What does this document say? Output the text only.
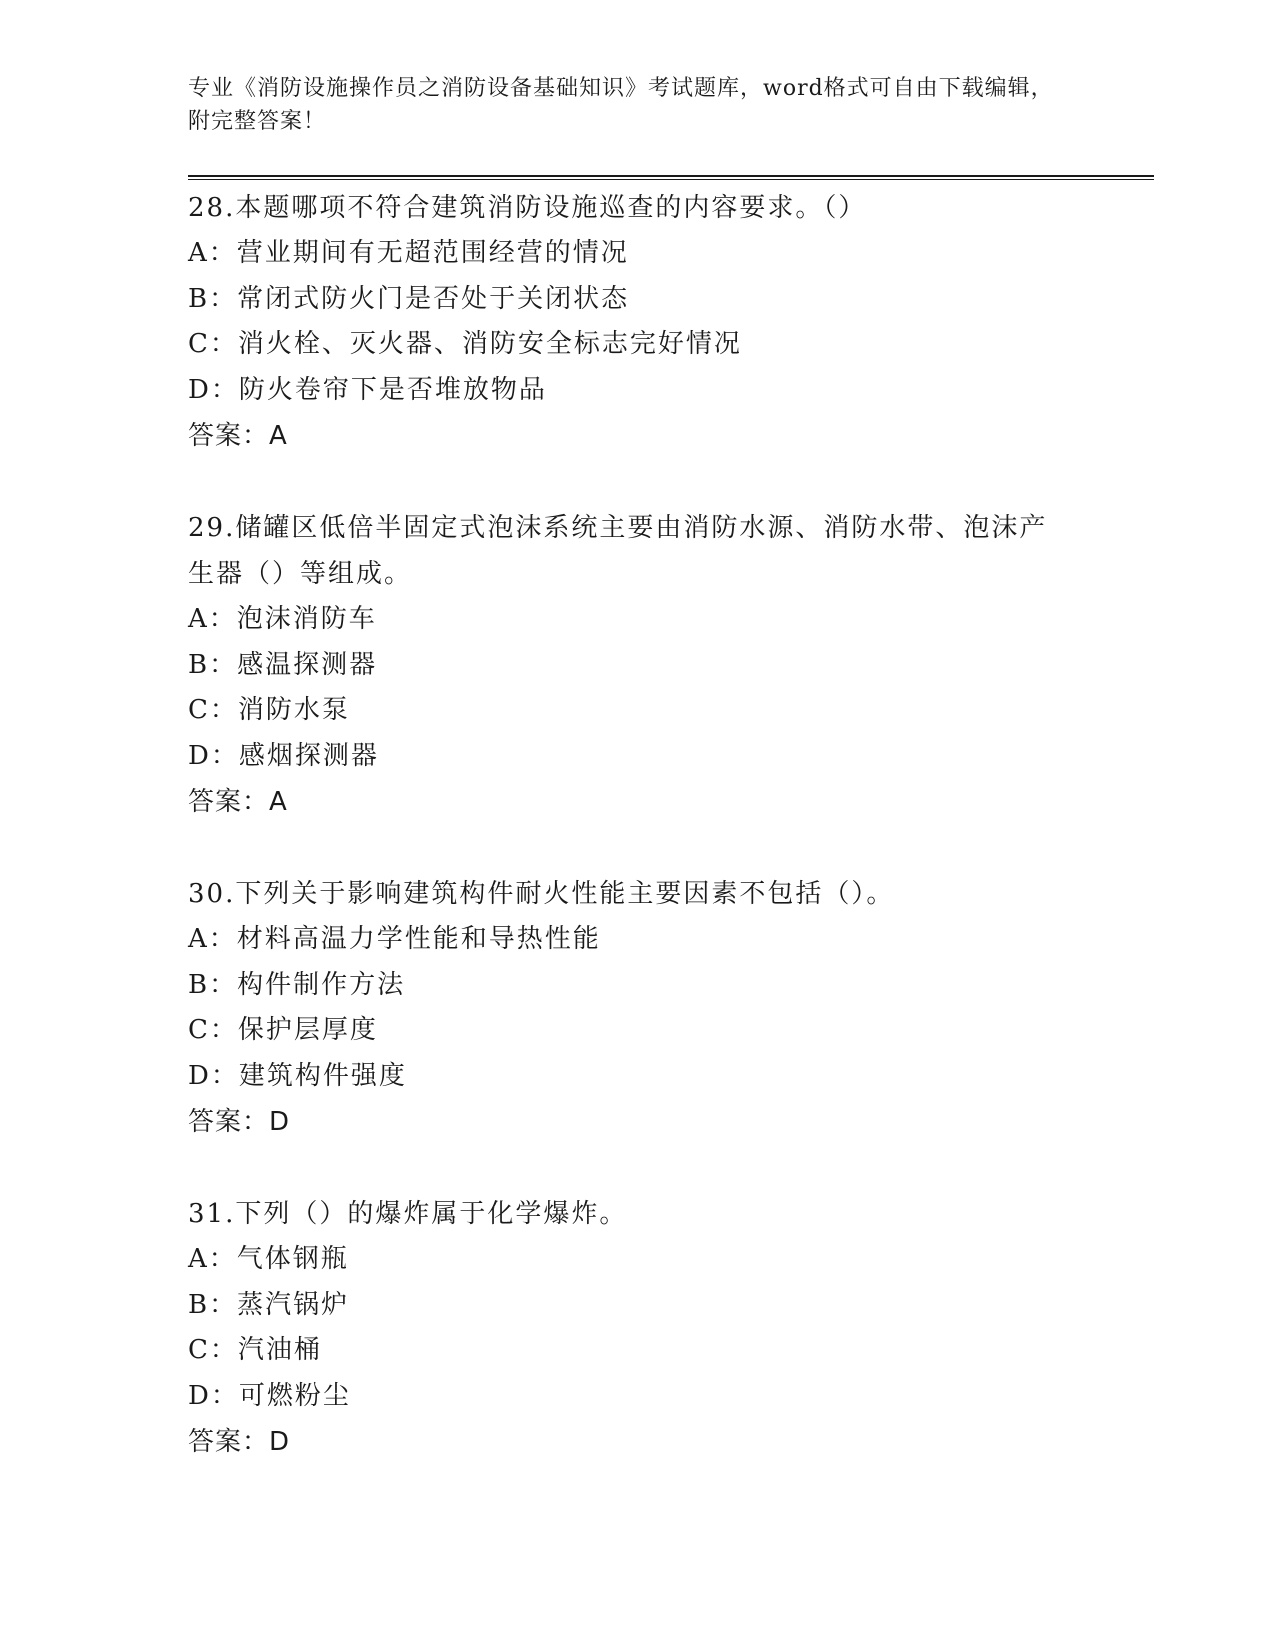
专业《消防设施操作员之消防设备基础知识》考试题库，word格式可自由下载编辑，附完整答案！
28.本题哪项不符合建筑消防设施巡查的内容要求。（）
A：营业期间有无超范围经营的情况
B：常闭式防火门是否处于关闭状态
C：消火栓、灭火器、消防安全标志完好情况
D：防火卷帘下是否堆放物品
答案：A
29.储罐区低倍半固定式泡沫系统主要由消防水源、消防水带、泡沫产生器（）等组成。
A：泡沫消防车
B：感温探测器
C：消防水泵
D：感烟探测器
答案：A
30.下列关于影响建筑构件耐火性能主要因素不包括（）。
A：材料高温力学性能和导热性能
B：构件制作方法
C：保护层厚度
D：建筑构件强度
答案：D
31.下列（）的爆炸属于化学爆炸。
A：气体钢瓶
B：蒸汽锅炉
C：汽油桶
D：可燃粉尘
答案：D
